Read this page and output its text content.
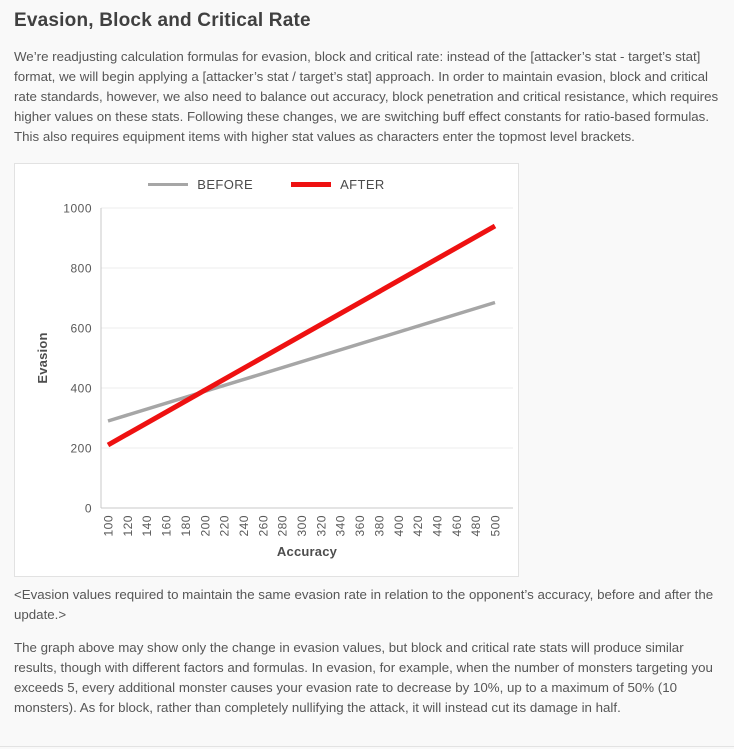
Evasion, Block and Critical Rate

We’re readjusting calculation formulas for evasion, block and critical rate: instead of the [attacker’s stat - target’s stat] format, we will begin applying a [attacker’s stat / target’s stat] approach. In order to maintain evasion, block and critical rate standards, however, we also need to balance out accuracy, block penetration and critical resistance, which requires higher values on these stats. Following these changes, we are switching buff effect constants for ratio-based formulas. This also requires equipment items with higher stat values as characters enter the topmost level brackets.

BEFORE	AFTER
0
200
400
600
800
1000
100 120 140 160 180 200 220 240 260 280 300 320 340 360 380 400 420 440 460 480 500
Accuracy
Evasion

<Evasion values required to maintain the same evasion rate in relation to the opponent’s accuracy, before and after the update.>

The graph above may show only the change in evasion values, but block and critical rate stats will produce similar results, though with different factors and formulas. In evasion, for example, when the number of monsters targeting you exceeds 5, every additional monster causes your evasion rate to decrease by 10%, up to a maximum of 50% (10 monsters). As for block, rather than completely nullifying the attack, it will instead cut its damage in half.
